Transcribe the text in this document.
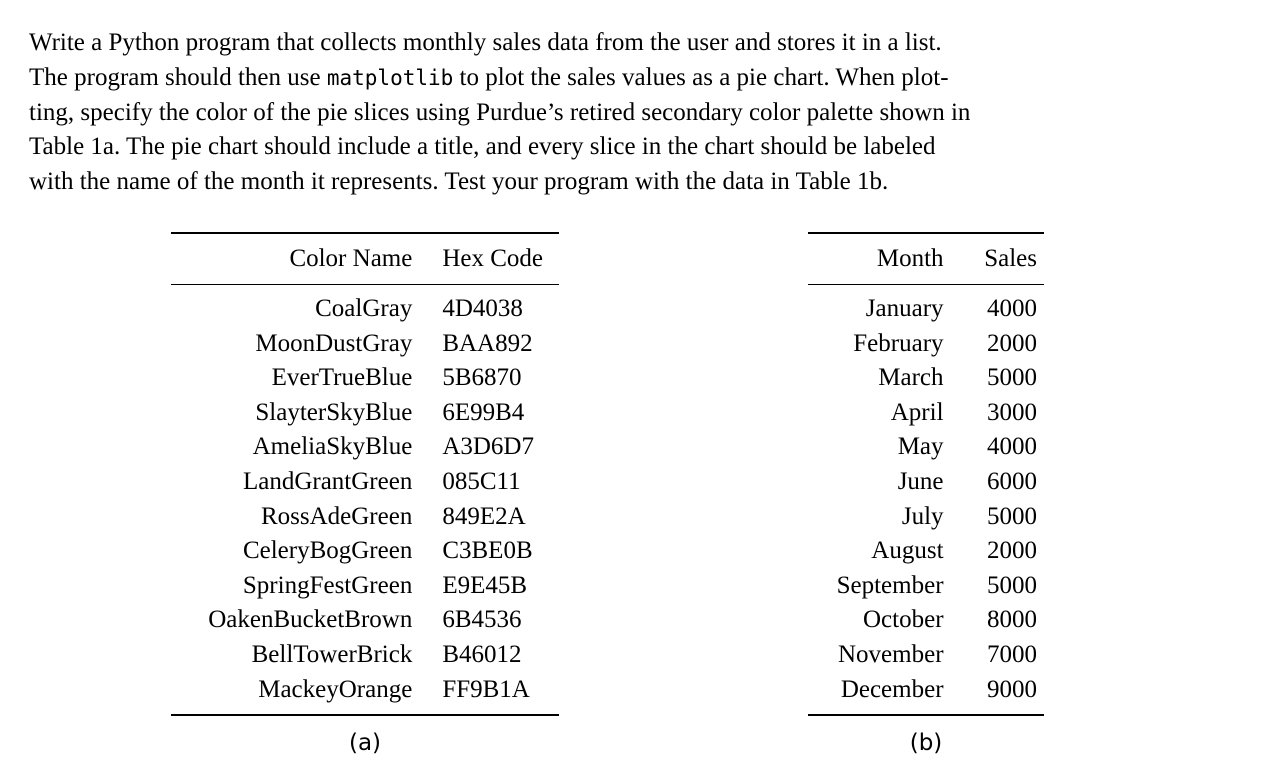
Write a Python program that collects monthly sales data from the user and stores it in a list.
The program should then use matplotlib to plot the sales values as a pie chart. When plot-
ting, specify the color of the pie slices using Purdue’s retired secondary color palette shown in
Table 1a. The pie chart should include a title, and every slice in the chart should be labeled
with the name of the month it represents. Test your program with the data in Table 1b.
Color Name	Hex Code
CoalGray	4D4038
MoonDustGray	BAA892
EverTrueBlue	5B6870
SlayterSkyBlue	6E99B4
AmeliaSkyBlue	A3D6D7
LandGrantGreen	085C11
RossAdeGreen	849E2A
CeleryBogGreen	C3BE0B
SpringFestGreen	E9E45B
OakenBucketBrown	6B4536
BellTowerBrick	B46012
MackeyOrange	FF9B1A
Month	Sales
January	4000
February	2000
March	5000
April	3000
May	4000
June	6000
July	5000
August	2000
September	5000
October	8000
November	7000
December	9000
(a)	(b)
